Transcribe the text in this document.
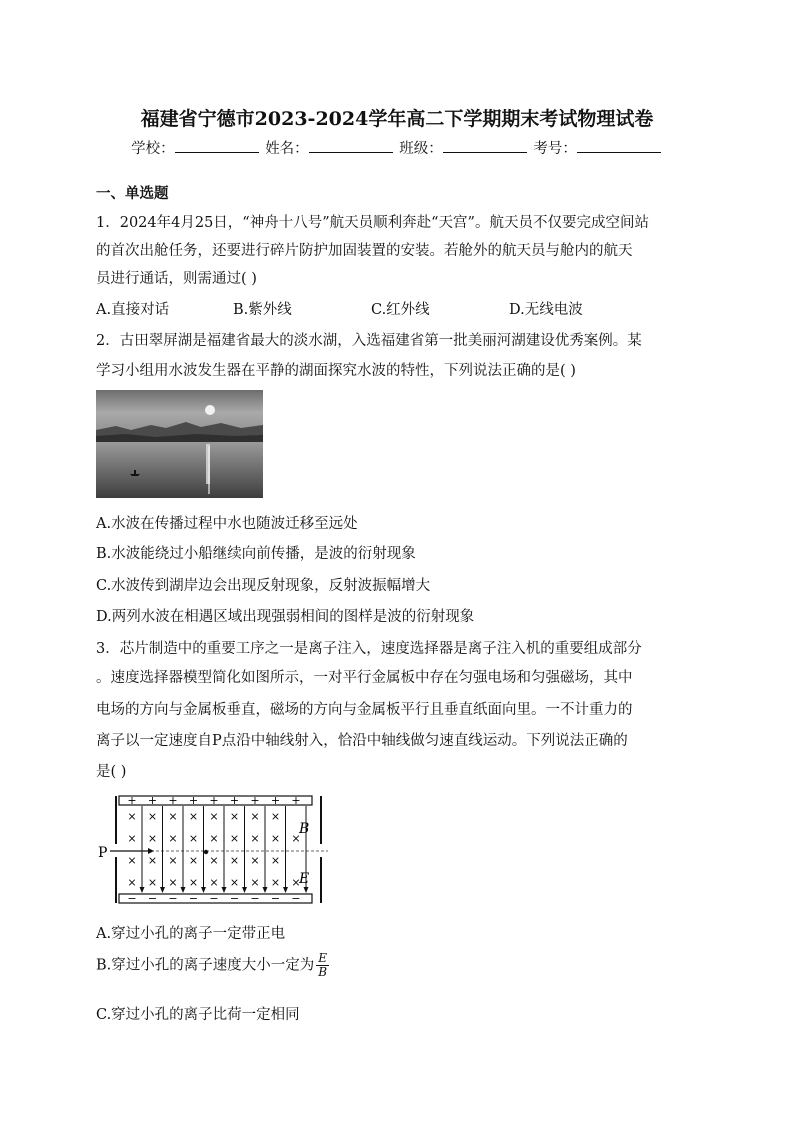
福建省宁德市2023-2024学年高二下学期期末考试物理试卷
学校：	姓名：	班级：	考号：
一、单选题
1．2024年4月25日，“神舟十八号”航天员顺利奔赴“天宫”。航天员不仅要完成空间站
的首次出舱任务，还要进行碎片防护加固装置的安装。若舱外的航天员与舱内的航天
员进行通话，则需通过( )
A.直接对话	B.紫外线	C.红外线	D.无线电波
2．古田翠屏湖是福建省最大的淡水湖，入选福建省第一批美丽河湖建设优秀案例。某
学习小组用水波发生器在平静的湖面探究水波的特性，下列说法正确的是( )
A.水波在传播过程中水也随波迁移至远处
B.水波能绕过小船继续向前传播，是波的衍射现象
C.水波传到湖岸边会出现反射现象，反射波振幅增大
D.两列水波在相遇区域出现强弱相间的图样是波的衍射现象
3．芯片制造中的重要工序之一是离子注入，速度选择器是离子注入机的重要组成部分
。速度选择器模型简化如图所示，一对平行金属板中存在匀强电场和匀强磁场，其中
电场的方向与金属板垂直，磁场的方向与金属板平行且垂直纸面向里。一不计重力的
离子以一定速度自P点沿中轴线射入，恰沿中轴线做匀速直线运动。下列说法正确的
是( )
P
B
E
+
−
×
×
×
×
+
−
×
×
×
×
+
−
×
×
×
×
+
−
×
×
×
×
+
−
×
×
×
×
+
−
×
×
×
×
+
−
×
×
×
×
+
−
×
×
×
×
+
−
×
×
A.穿过小孔的离子一定带正电
B.穿过小孔的离子速度大小一定为 $\frac{E}{B}$
C.穿过小孔的离子比荷一定相同
